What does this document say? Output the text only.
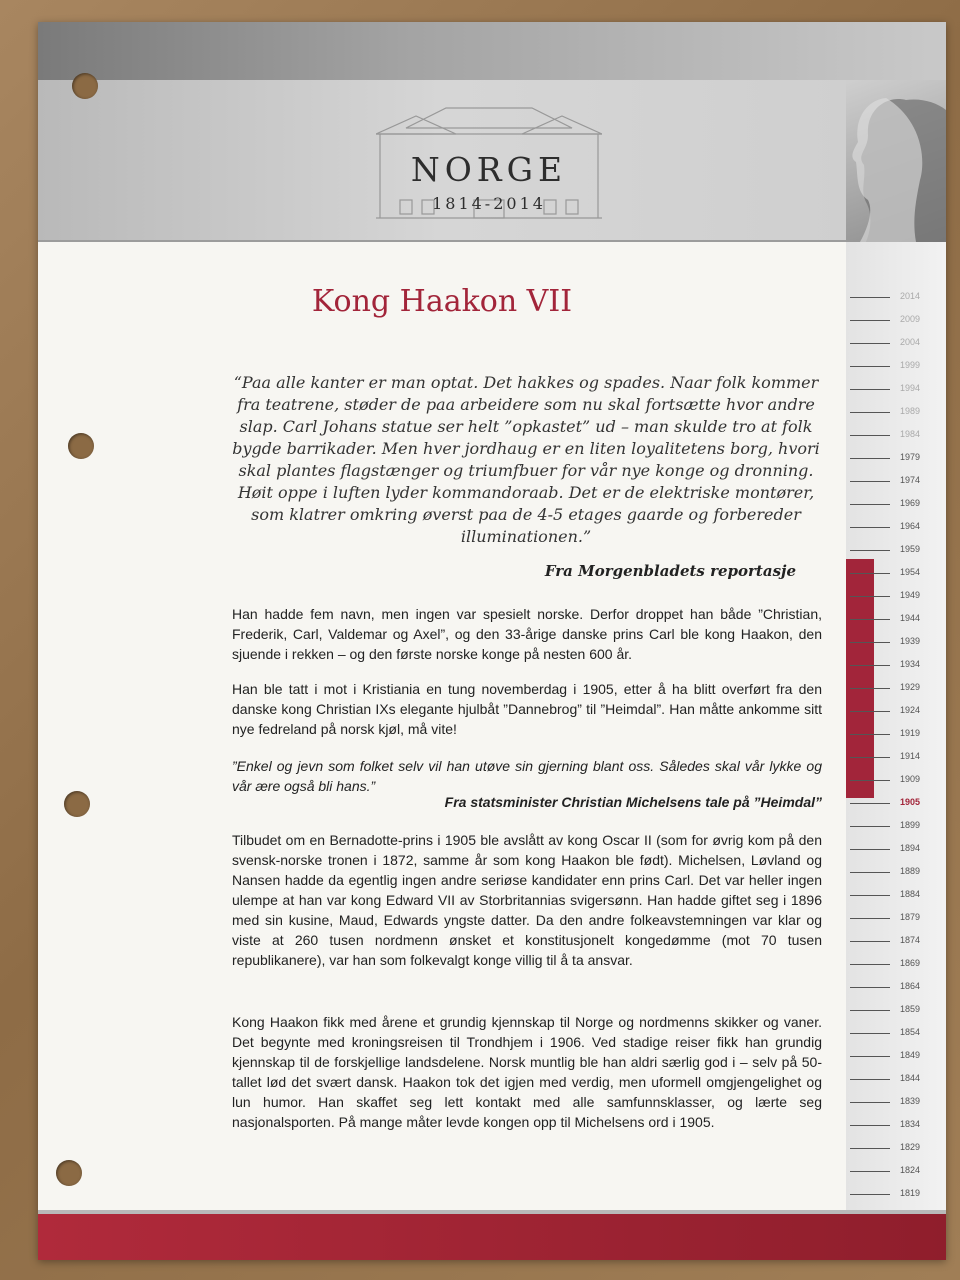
NORGE
1814-2014
2014
2009
2004
1999
1994
1989
1984
1979
1974
1969
1964
1959
1954
1949
1944
1939
1934
1929
1924
1919
1914
1909
1905
1899
1894
1889
1884
1879
1874
1869
1864
1859
1854
1849
1844
1839
1834
1829
1824
1819
Kong Haakon VII
“Paa alle kanter er man optat. Det hakkes og spades. Naar folk kommer fra teatrene, støder de paa arbeidere som nu skal fortsætte hvor andre slap. Carl Johans statue ser helt ”opkastet” ud – man skulde tro at folk bygde barrikader. Men hver jordhaug er en liten loyalitetens borg, hvori skal plantes flagstænger og triumfbuer for vår nye konge og dronning. Høit oppe i luften lyder kommandoraab. Det er de elektriske montører, som klatrer omkring øverst paa de 4-5 etages gaarde og forbereder illuminationen.”
Fra Morgenbladets reportasje
Han hadde fem navn, men ingen var spesielt norske. Derfor droppet han både ”Christian, Frederik, Carl, Valdemar og Axel”, og den 33-årige danske prins Carl ble kong Haakon, den sjuende i rekken – og den første norske konge på nesten 600 år.
Han ble tatt i mot i Kristiania en tung novemberdag i 1905, etter å ha blitt overført fra den danske kong Christian IXs elegante hjulbåt ”Dannebrog” til ”Heimdal”. Han måtte ankomme sitt nye fedreland på norsk kjøl, må vite!
”Enkel og jevn som folket selv vil han utøve sin gjerning blant oss. Således skal vår lykke og vår ære også bli hans.”
Fra statsminister Christian Michelsens tale på ”Heimdal”
Tilbudet om en Bernadotte-prins i 1905 ble avslått av kong Oscar II (som for øvrig kom på den svensk-norske tronen i 1872, samme år som kong Haakon ble født). Michelsen, Løvland og Nansen hadde da egentlig ingen andre seriøse kandidater enn prins Carl. Det var heller ingen ulempe at han var kong Edward VII av Storbritannias svigersønn. Han hadde giftet seg i 1896 med sin kusine, Maud, Edwards yngste datter. Da den andre folkeavstemningen var klar og viste at 260 tusen nordmenn ønsket et konstitusjonelt kongedømme (mot 70 tusen republikanere), var han som folkevalgt konge villig til å ta ansvar.
Kong Haakon fikk med årene et grundig kjennskap til Norge og nordmenns skikker og vaner. Det begynte med kroningsreisen til Trondhjem i 1906. Ved stadige reiser fikk han grundig kjennskap til de forskjellige landsdelene. Norsk muntlig ble han aldri særlig god i – selv på 50-tallet lød det svært dansk. Haakon tok det igjen med verdig, men uformell omgjengelighet og lun humor. Han skaffet seg lett kontakt med alle samfunnsklasser, og lærte seg nasjonalsporten. På mange måter levde kongen opp til Michelsens ord i 1905.
